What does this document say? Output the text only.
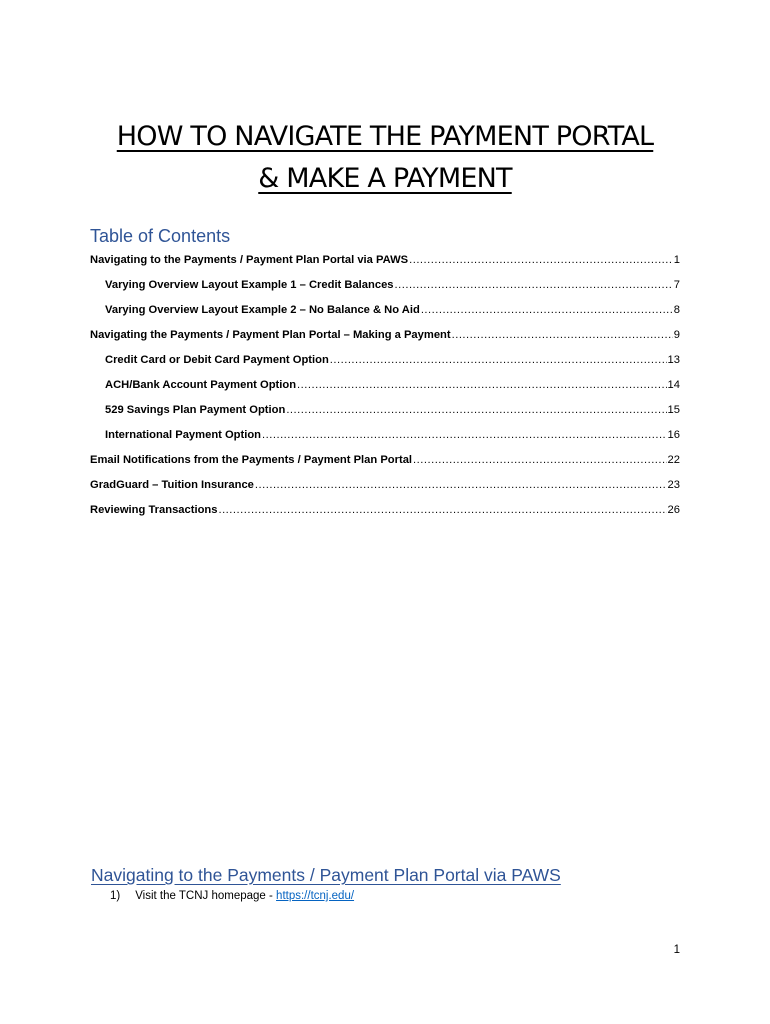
HOW TO NAVIGATE THE PAYMENT PORTAL
& MAKE A PAYMENT
Table of Contents
Navigating to the Payments / Payment Plan Portal via PAWS .....	1
Varying Overview Layout Example 1 – Credit Balances .....	7
Varying Overview Layout Example 2 – No Balance & No Aid .....	8
Navigating the Payments / Payment Plan Portal – Making a Payment .....	9
Credit Card or Debit Card Payment Option .....	13
ACH/Bank Account Payment Option .....	14
529 Savings Plan Payment Option .....	15
International Payment Option .....	16
Email Notifications from the Payments / Payment Plan Portal .....	22
GradGuard – Tuition Insurance .....	23
Reviewing Transactions .....	26
Navigating to the Payments / Payment Plan Portal via PAWS
1) Visit the TCNJ homepage - https://tcnj.edu/
1
